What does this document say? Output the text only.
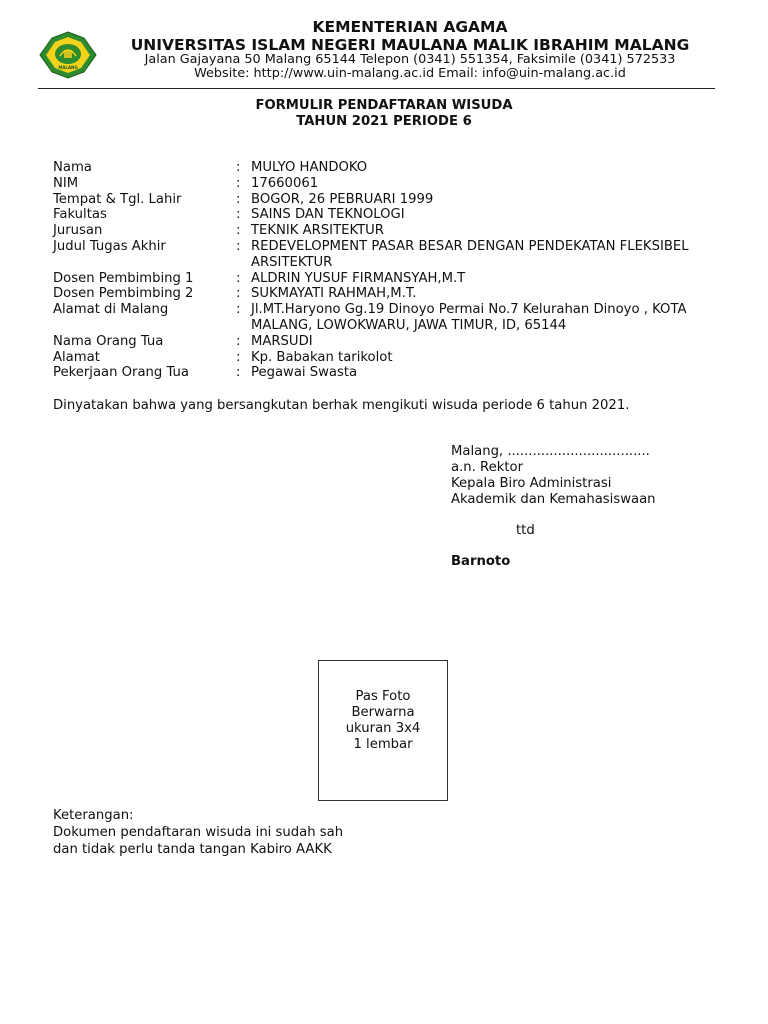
MALANG
KEMENTERIAN AGAMA
UNIVERSITAS ISLAM NEGERI MAULANA MALIK IBRAHIM MALANG
Jalan Gajayana 50 Malang 65144 Telepon (0341) 551354, Faksimile (0341) 572533
Website: http://www.uin-malang.ac.id Email: info@uin-malang.ac.id
FORMULIR PENDAFTARAN WISUDA
TAHUN 2021 PERIODE 6
Nama	: MULYO HANDOKO
NIM	: 17660061
Tempat & Tgl. Lahir	: BOGOR, 26 PEBRUARI 1999
Fakultas	: SAINS DAN TEKNOLOGI
Jurusan	: TEKNIK ARSITEKTUR
Judul Tugas Akhir	: REDEVELOPMENT PASAR BESAR DENGAN PENDEKATAN FLEKSIBEL ARSITEKTUR
Dosen Pembimbing 1	: ALDRIN YUSUF FIRMANSYAH,M.T
Dosen Pembimbing 2	: SUKMAYATI RAHMAH,M.T.
Alamat di Malang	: Jl.MT.Haryono Gg.19 Dinoyo Permai No.7 Kelurahan Dinoyo , KOTA MALANG, LOWOKWARU, JAWA TIMUR, ID, 65144
Nama Orang Tua	: MARSUDI
Alamat	: Kp. Babakan tarikolot
Pekerjaan Orang Tua	: Pegawai Swasta
Dinyatakan bahwa yang bersangkutan berhak mengikuti wisuda periode 6 tahun 2021.
Malang, ..................................
a.n. Rektor
Kepala Biro Administrasi
Akademik dan Kemahasiswaan
ttd
Barnoto
Pas Foto
Berwarna
ukuran 3x4
1 lembar
Keterangan:
Dokumen pendaftaran wisuda ini sudah sah
dan tidak perlu tanda tangan Kabiro AAKK
